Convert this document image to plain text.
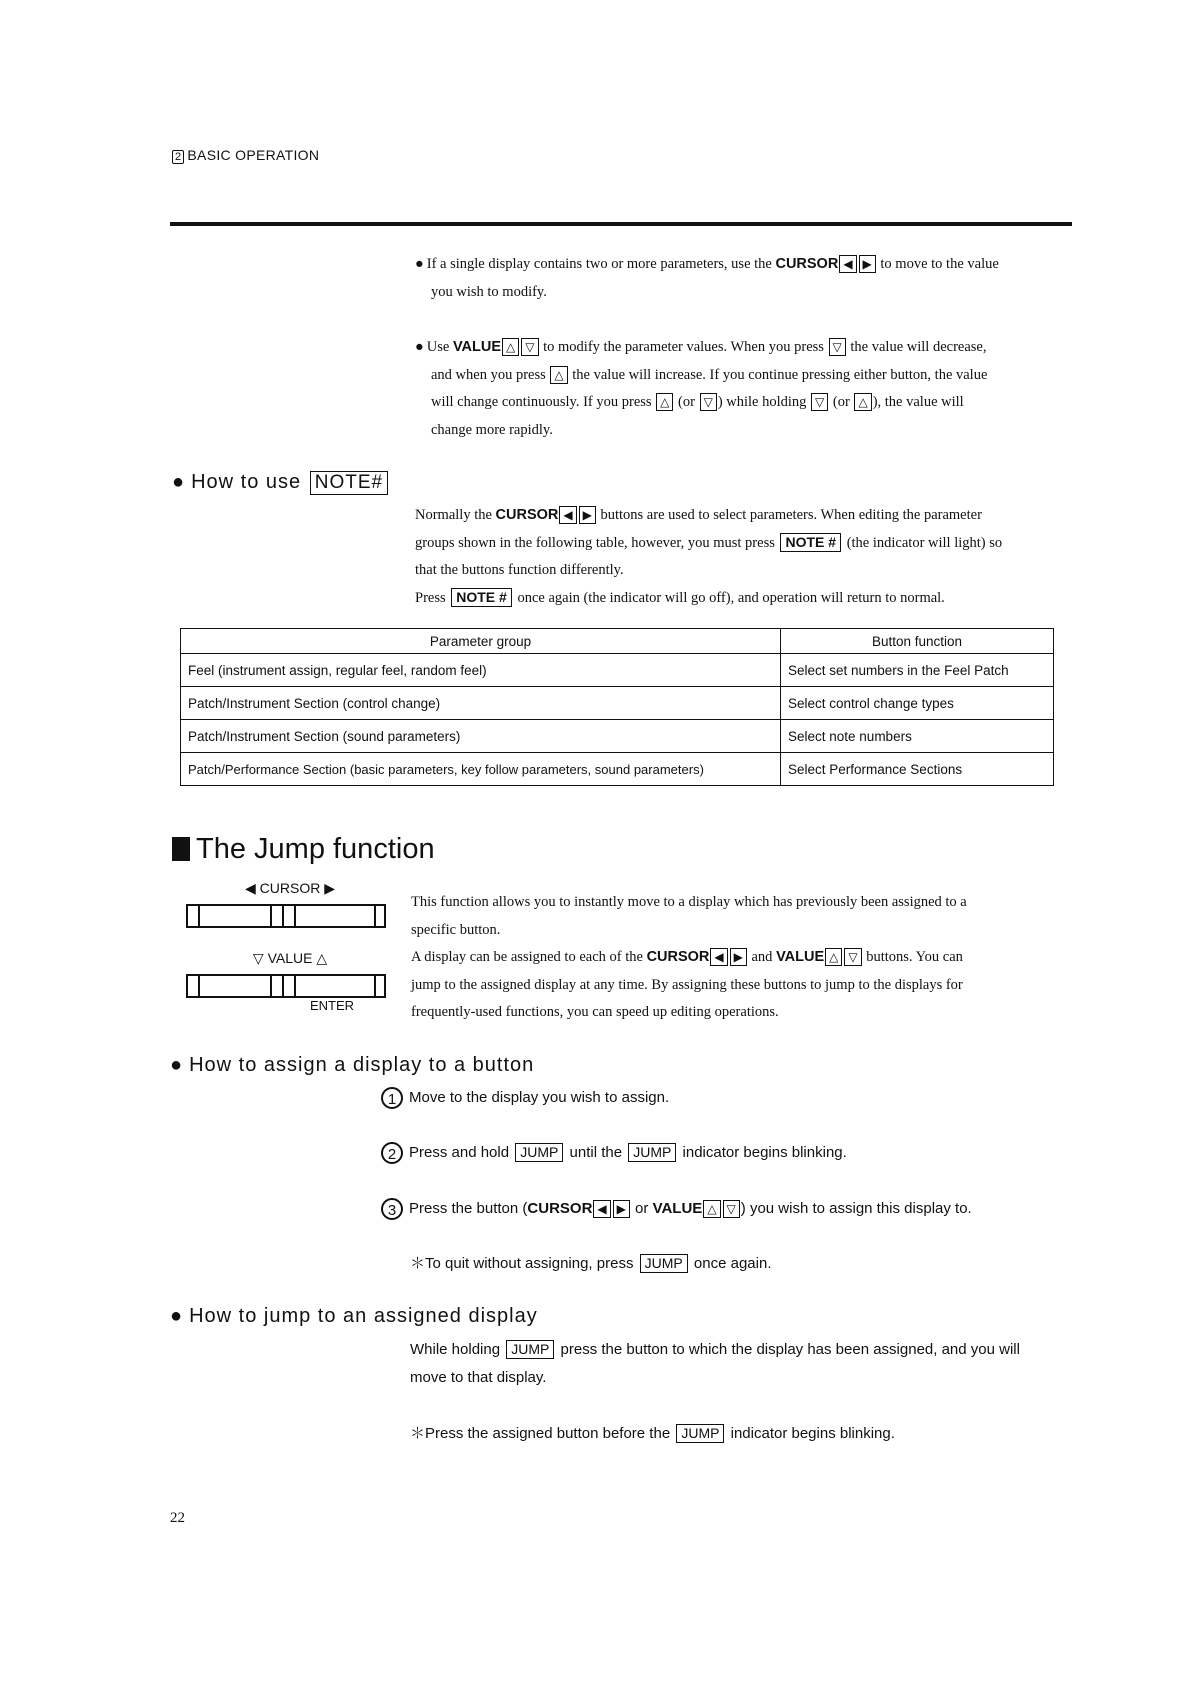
2 BASIC OPERATION
● If a single display contains two or more parameters, use the CURSOR ◀ ▶ to move to the value
you wish to modify.
● Use VALUE △ ▽ to modify the parameter values. When you press ▽ the value will decrease,
and when you press △ the value will increase. If you continue pressing either button, the value
will change continuously. If you press △ (or ▽ ) while holding ▽ (or △ ), the value will
change more rapidly.
● How to use NOTE#
Normally the CURSOR ◀ ▶ buttons are used to select parameters. When editing the parameter
groups shown in the following table, however, you must press NOTE # (the indicator will light) so
that the buttons function differently.
Press NOTE # once again (the indicator will go off), and operation will return to normal.
Parameter group	Button function
Feel (instrument assign, regular feel, random feel)	Select set numbers in the Feel Patch
Patch/Instrument Section (control change)	Select control change types
Patch/Instrument Section (sound parameters)	Select note numbers
Patch/Performance Section (basic parameters, key follow parameters, sound parameters)	Select Performance Sections
The Jump function
◀ CURSOR ▶
▽ VALUE △
ENTER
This function allows you to instantly move to a display which has previously been assigned to a
specific button.
A display can be assigned to each of the CURSOR ◀ ▶ and VALUE △ ▽ buttons. You can
jump to the assigned display at any time. By assigning these buttons to jump to the displays for
frequently-used functions, you can speed up editing operations.
● How to assign a display to a button
1 Move to the display you wish to assign.
2 Press and hold JUMP until the JUMP indicator begins blinking.
3 Press the button (CURSOR ◀ ▶ or VALUE △ ▽ ) you wish to assign this display to.
＊To quit without assigning, press JUMP once again.
● How to jump to an assigned display
While holding JUMP press the button to which the display has been assigned, and you will
move to that display.
＊Press the assigned button before the JUMP indicator begins blinking.
22
